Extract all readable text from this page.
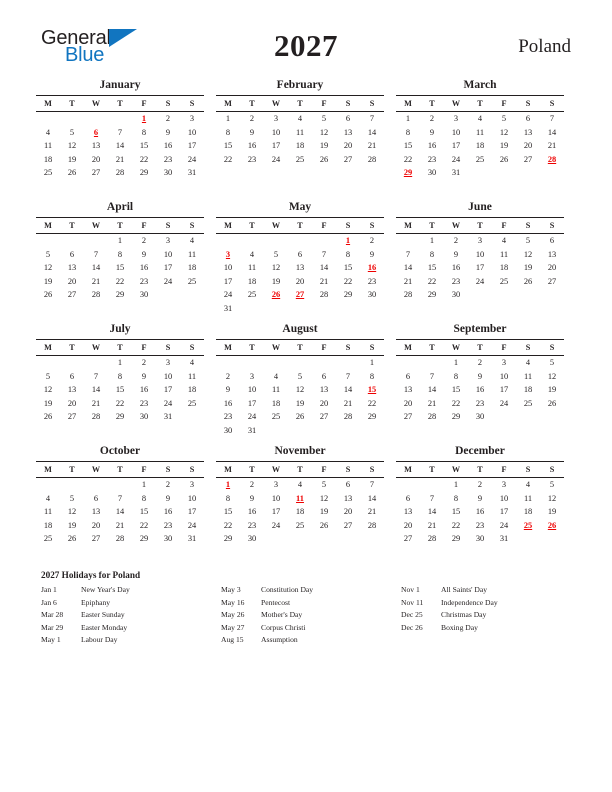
General
Blue	2027	Poland
January
M	T	W	T	F	S	S
				1	2	3
4	5	6	7	8	9	10
11	12	13	14	15	16	17
18	19	20	21	22	23	24
25	26	27	28	29	30	31

February
M	T	W	T	F	S	S
1	2	3	4	5	6	7
8	9	10	11	12	13	14
15	16	17	18	19	20	21
22	23	24	25	26	27	28

March
M	T	W	T	F	S	S
1	2	3	4	5	6	7
8	9	10	11	12	13	14
15	16	17	18	19	20	21
22	23	24	25	26	27	28
29	30	31				

April
M	T	W	T	F	S	S
			1	2	3	4
5	6	7	8	9	10	11
12	13	14	15	16	17	18
19	20	21	22	23	24	25
26	27	28	29	30		

May
M	T	W	T	F	S	S
					1	2
3	4	5	6	7	8	9
10	11	12	13	14	15	16
17	18	19	20	21	22	23
24	25	26	27	28	29	30
31						
June
M	T	W	T	F	S	S
	1	2	3	4	5	6
7	8	9	10	11	12	13
14	15	16	17	18	19	20
21	22	23	24	25	26	27
28	29	30				

July
M	T	W	T	F	S	S
			1	2	3	4
5	6	7	8	9	10	11
12	13	14	15	16	17	18
19	20	21	22	23	24	25
26	27	28	29	30	31	

August
M	T	W	T	F	S	S
						1
2	3	4	5	6	7	8
9	10	11	12	13	14	15
16	17	18	19	20	21	22
23	24	25	26	27	28	29
30	31					
September
M	T	W	T	F	S	S
		1	2	3	4	5
6	7	8	9	10	11	12
13	14	15	16	17	18	19
20	21	22	23	24	25	26
27	28	29	30			

October
M	T	W	T	F	S	S
				1	2	3
4	5	6	7	8	9	10
11	12	13	14	15	16	17
18	19	20	21	22	23	24
25	26	27	28	29	30	31

November
M	T	W	T	F	S	S
1	2	3	4	5	6	7
8	9	10	11	12	13	14
15	16	17	18	19	20	21
22	23	24	25	26	27	28
29	30					

December
M	T	W	T	F	S	S
		1	2	3	4	5
6	7	8	9	10	11	12
13	14	15	16	17	18	19
20	21	22	23	24	25	26
27	28	29	30	31		

2027 Holidays for Poland
Jan 1	New Year's Day
Jan 6	Epiphany
Mar 28	Easter Sunday
Mar 29	Easter Monday
May 1	Labour Day
May 3	Constitution Day
May 16	Pentecost
May 26	Mother's Day
May 27	Corpus Christi
Aug 15	Assumption
Nov 1	All Saints' Day
Nov 11	Independence Day
Dec 25	Christmas Day
Dec 26	Boxing Day
